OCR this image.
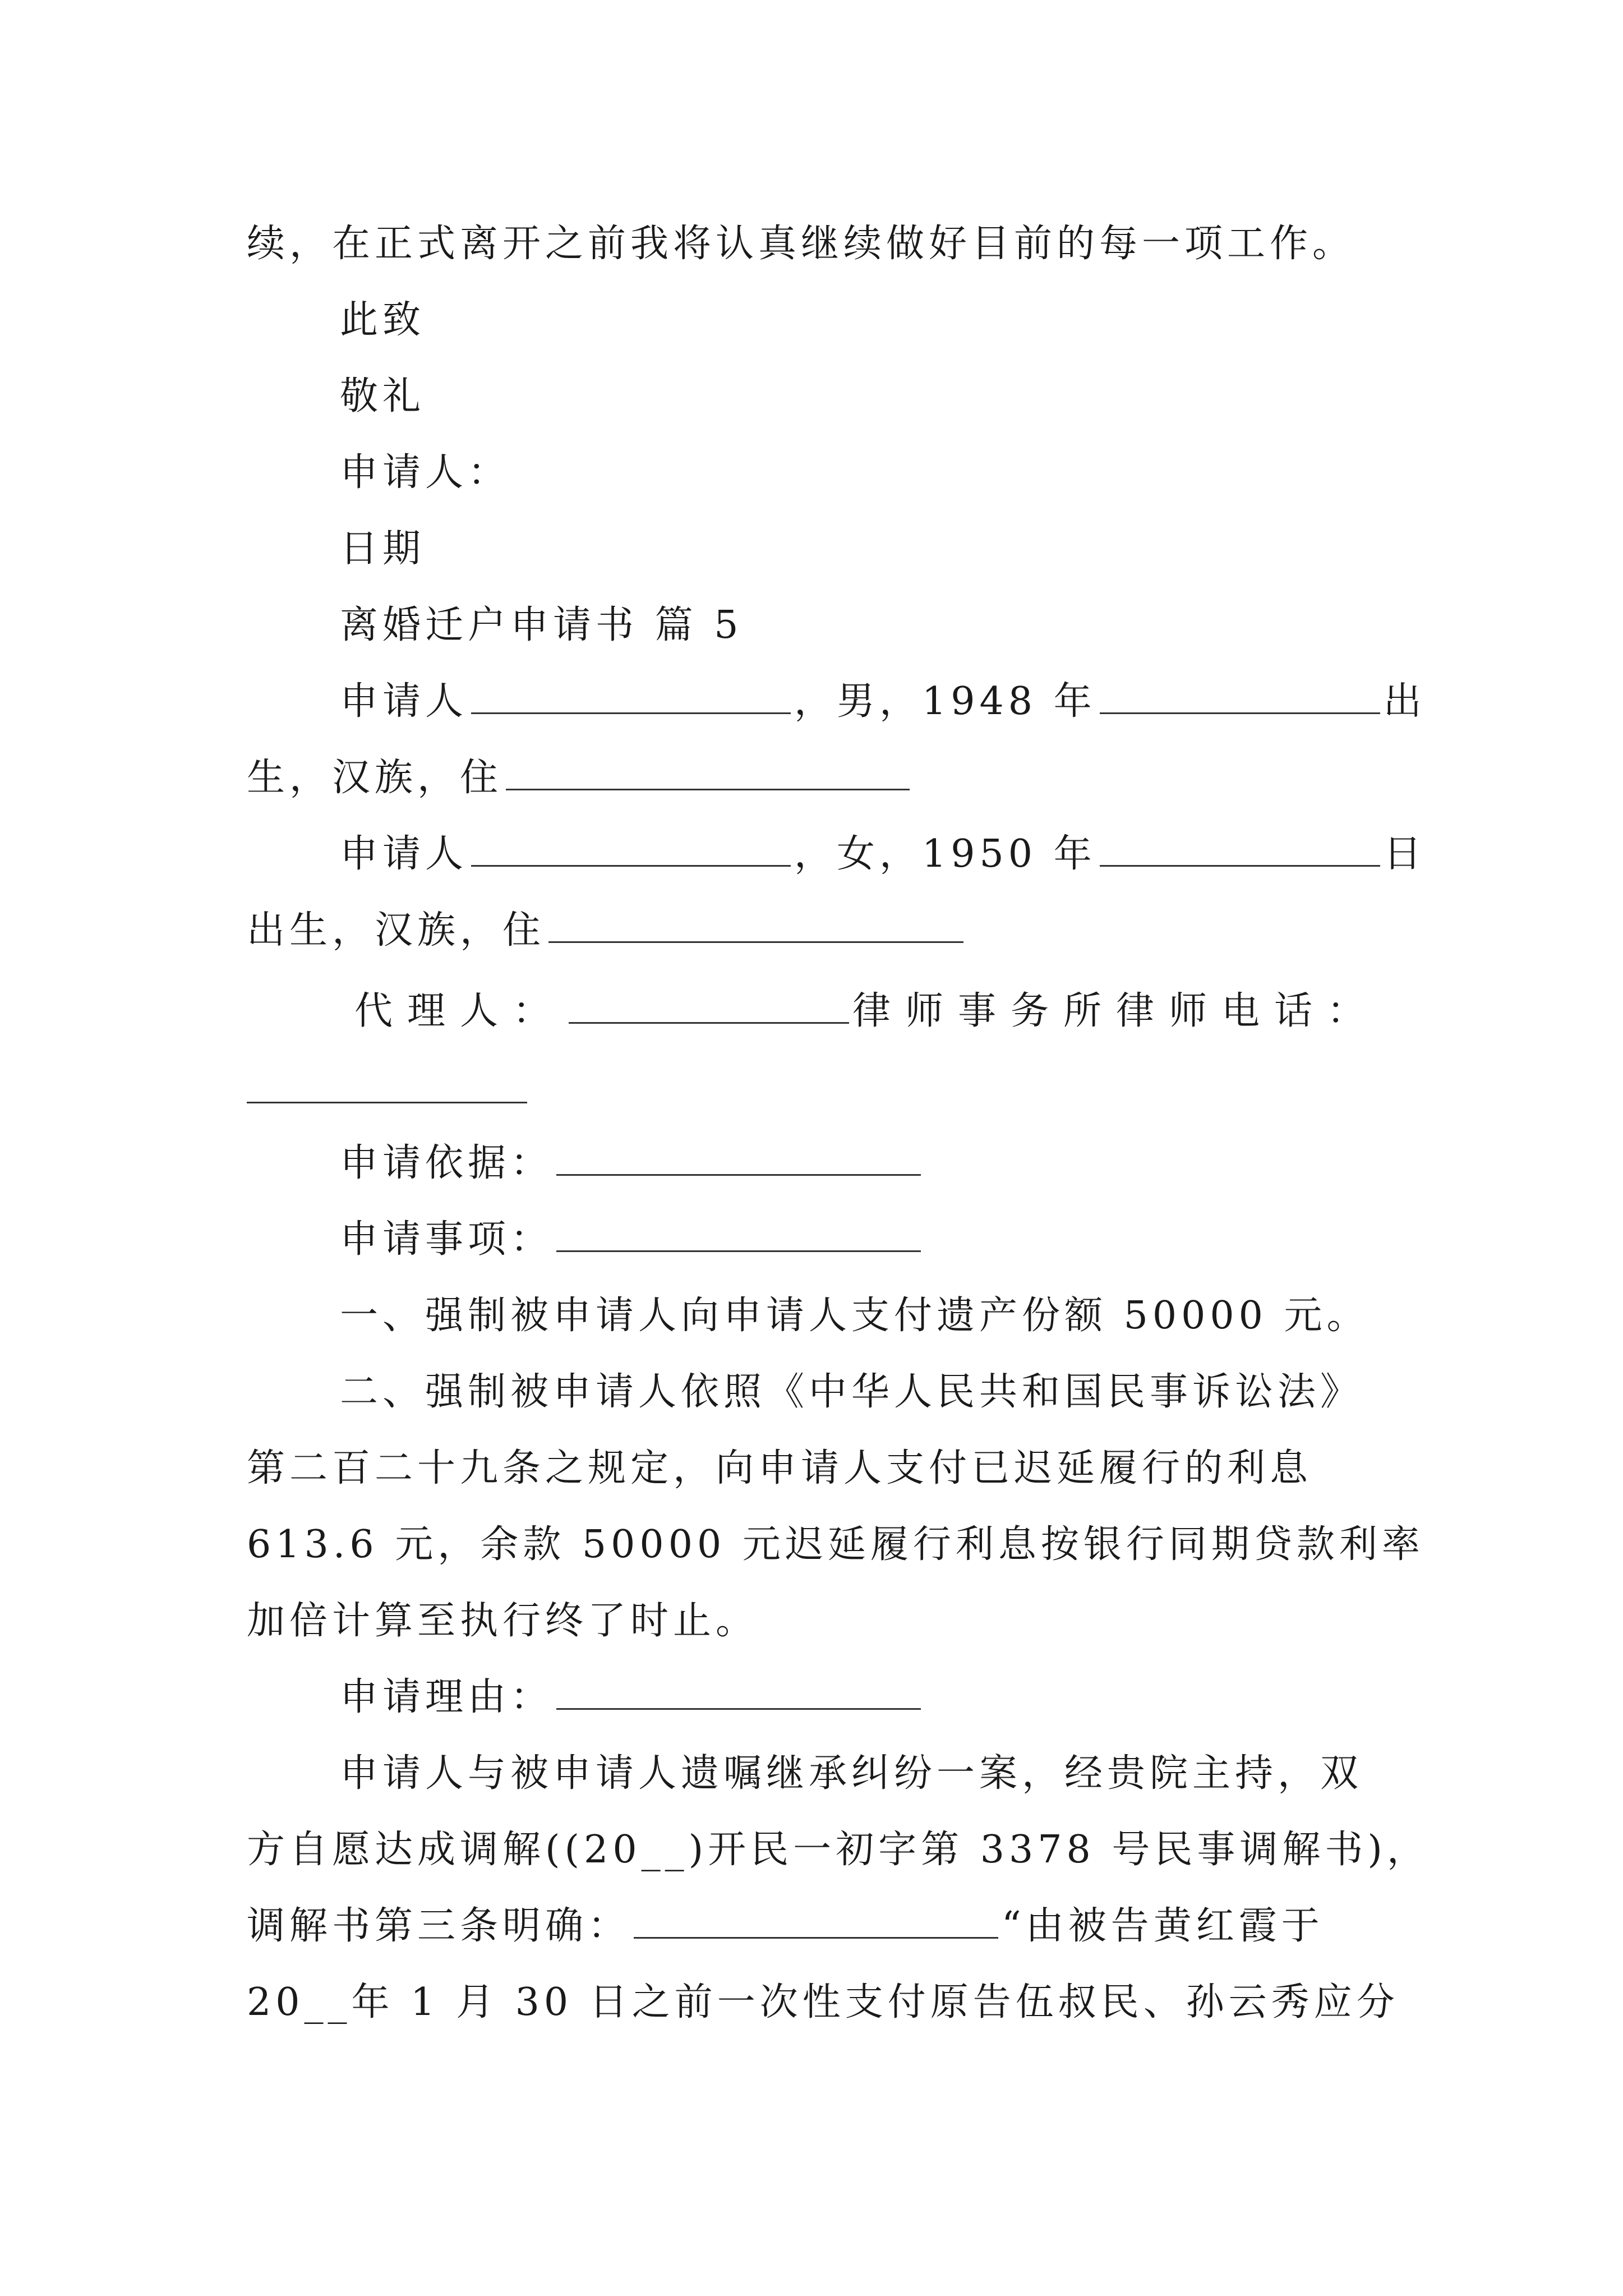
续，在正式离开之前我将认真继续做好目前的每一项工作。
此致
敬礼
申请人：
日期
离婚迁户申请书 篇 5
申请人	，男，1948 年	出
生，汉族，住
申请人	，女，1950 年	日
出生，汉族，住
代理人：	律师事务所律师电话：
申请依据：
申请事项：
一、强制被申请人向申请人支付遗产份额 50000 元。
二、强制被申请人依照《中华人民共和国民事诉讼法》
第二百二十九条之规定，向申请人支付已迟延履行的利息
613.6 元，余款 50000 元迟延履行利息按银行同期贷款利率
加倍计算至执行终了时止。
申请理由：
申请人与被申请人遗嘱继承纠纷一案，经贵院主持，双
方自愿达成调解((20__)开民一初字第 3378 号民事调解书)，
调解书第三条明确：	“由被告黄红霞于
20__年 1 月 30 日之前一次性支付原告伍叔民、孙云秀应分
